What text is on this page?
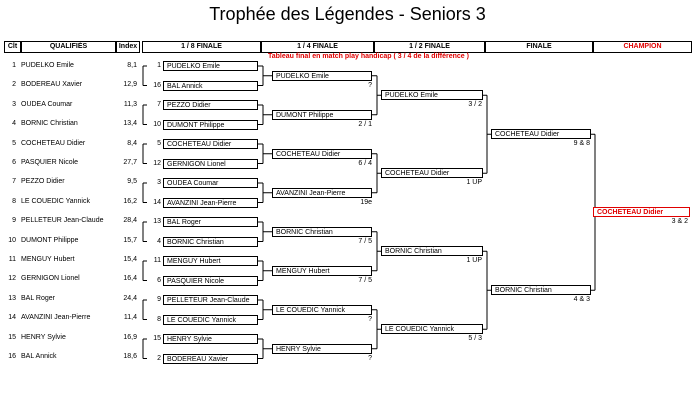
Trophée des Légendes - Seniors 3
Clt	QUALIFIÉS	Index	1 / 8 FINALE	1 / 4 FINALE	1 / 2 FINALE	FINALE	CHAMPION
Tableau final en match play handicap ( 3 / 4 de la différence )
1 PUDELKO Emile	8,1
2 BODEREAU Xavier	12,9
3 OUDEA Coumar	11,3
4 BORNIC Christian	13,4
5 COCHETEAU Didier	8,4
6 PASQUIER Nicole	27,7
7 PEZZO Didier	9,5
8 LE COUEDIC Yannick	16,2
9 PELLETEUR Jean-Claude	28,4
10 DUMONT Philippe	15,7
11 MENGUY Hubert	15,4
12 GERNIGON Lionel	16,4
13 BAL Roger	24,4
14 AVANZINI Jean-Pierre	11,4
15 HENRY Sylvie	16,9
16 BAL Annick	18,6
1 PUDELKO Emile
16 BAL Annick
7 PEZZO Didier
10 DUMONT Philippe
5 COCHETEAU Didier
12 GERNIGON Lionel
3 OUDEA Coumar
14 AVANZINI Jean-Pierre
13 BAL Roger
4 BORNIC Christian
11 MENGUY Hubert
6 PASQUIER Nicole
9 PELLETEUR Jean-Claude
8 LE COUEDIC Yannick
15 HENRY Sylvie
2 BODEREAU Xavier
PUDELKO Emile
?
DUMONT Philippe
2 / 1
COCHETEAU Didier
6 / 4
AVANZINI Jean-Pierre
19e
BORNIC Christian
7 / 5
MENGUY Hubert
7 / 5
LE COUEDIC Yannick
?
HENRY Sylvie
?
PUDELKO Emile
3 / 2
COCHETEAU Didier
1 UP
BORNIC Christian
1 UP
LE COUEDIC Yannick
5 / 3
COCHETEAU Didier
9 & 8
BORNIC Christian
4 & 3
COCHETEAU Didier
3 & 2
